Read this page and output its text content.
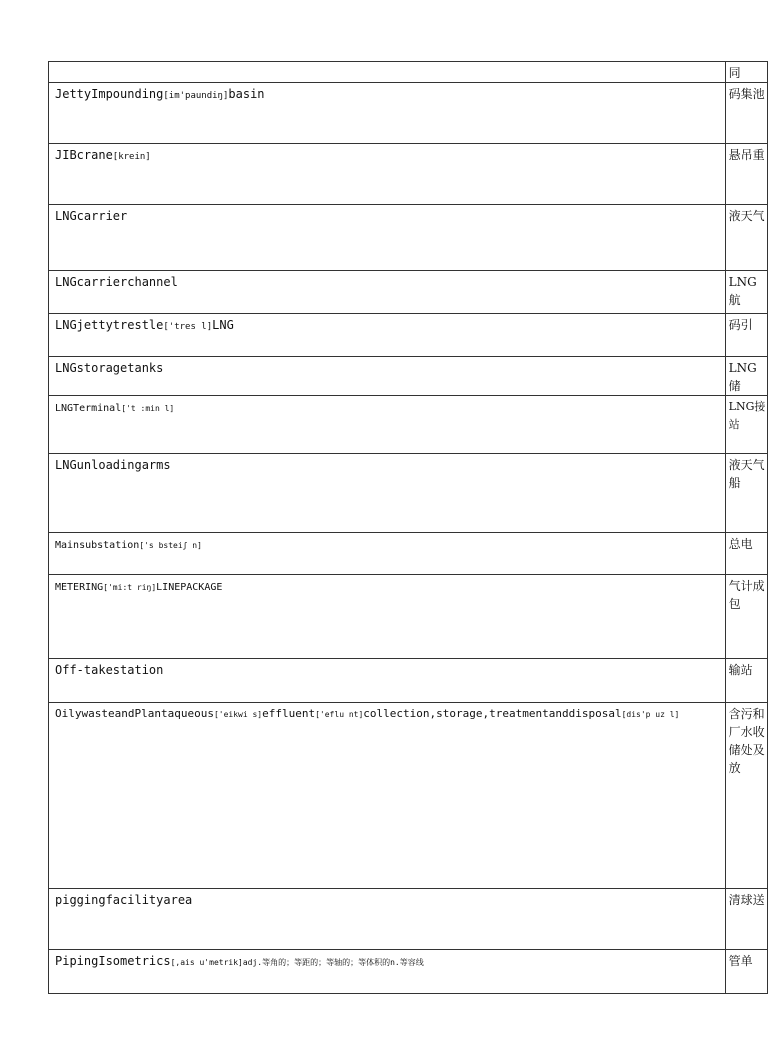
	同
JettyImpounding[im'paundiŋ]basin	码集池
JIBcrane[krein]	悬吊重
LNGcarrier	液天气
LNGcarrierchannel	LNG航
LNGjettytrestle['tres l]LNG	码引
LNGstoragetanks	LNG储
LNGTerminal['t :min l]	LNG接站
LNGunloadingarms	液天气船
Mainsubstation['s bsteiʃ n]	总电
METERING['mi:t riŋ]LINEPACKAGE	气计成包
Off-takestation	输站
OilywasteandPlantaqueous['eikwi s]effluent['eflu nt]collection,storage,treatmentanddisposal[dis'p uz l]	含污和厂水收储处及放
piggingfacilityarea	清球送
PipingIsometrics[,ais u'metrik]adj.等角的；等距的；等轴的；等体积的n.等容线	管单
